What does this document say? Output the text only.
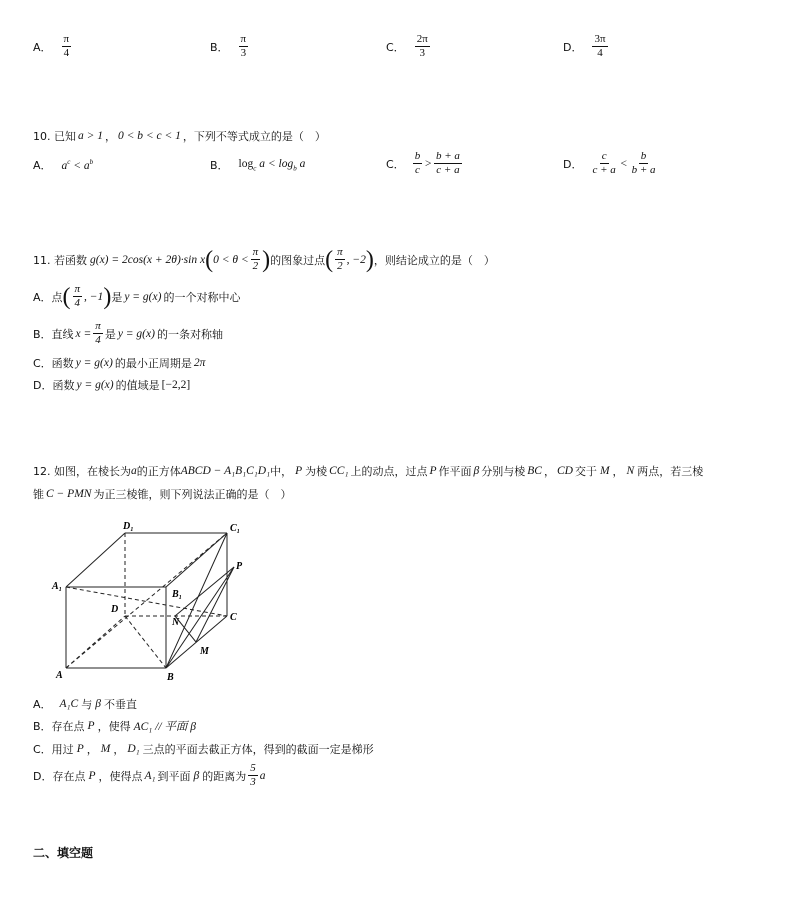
A． $\frac{\pi}{4}$	B． $\frac{\pi}{3}$	C． $\frac{2\pi}{3}$	D． $\frac{3\pi}{4}$
10. 已知 a > 1 ， 0 < b < c < 1 ，下列不等式成立的是（　）
A． $a^c < a^b$	B． $\log_c a < \log_b a$	C． $\frac{b}{c} > \frac{b + a}{c + a}$	D． $\frac{c}{c + a} < \frac{b}{b + a}$
11. 若函数 g(x) = 2cos(x + 2θ)·sin x ( $0 < \theta < \frac{\pi}{2}$ ) 的图象过点 ( $\frac{\pi}{2}$ , −2 ) ，则结论成立的是（　）
A．点 ( $\frac{\pi}{4}$ , −1 ) 是 y = g(x) 的一个对称中心
B．直线 $x = \frac{\pi}{4}$ 是 y = g(x) 的一条对称轴
C．函数 y = g(x) 的最小正周期是 2π
D．函数 y = g(x) 的值域是 [−2,2]
12. 如图，在棱长为 a 的正方体 ABCD − A₁B₁C₁D₁ 中， P 为棱 CC₁ 上的动点，过点 P 作平面 β 分别与棱 BC ， CD 交于 M ， N 两点，若三棱
锥 C − PMN 为正三棱锥，则下列说法正确的是（　）
A₁
A	B
B₁
C
C₁
D
D₁
P
M
N
A． A₁C 与 β 不垂直
B．存在点 P ，使得 AC₁ // 平面 β
C．用过 P ， M ， D₁ 三点的平面去截正方体，得到的截面一定是梯形
D．存在点 P ，使得点 A₁ 到平面 β 的距离为 $\frac{5}{3}$ a
二、填空题
